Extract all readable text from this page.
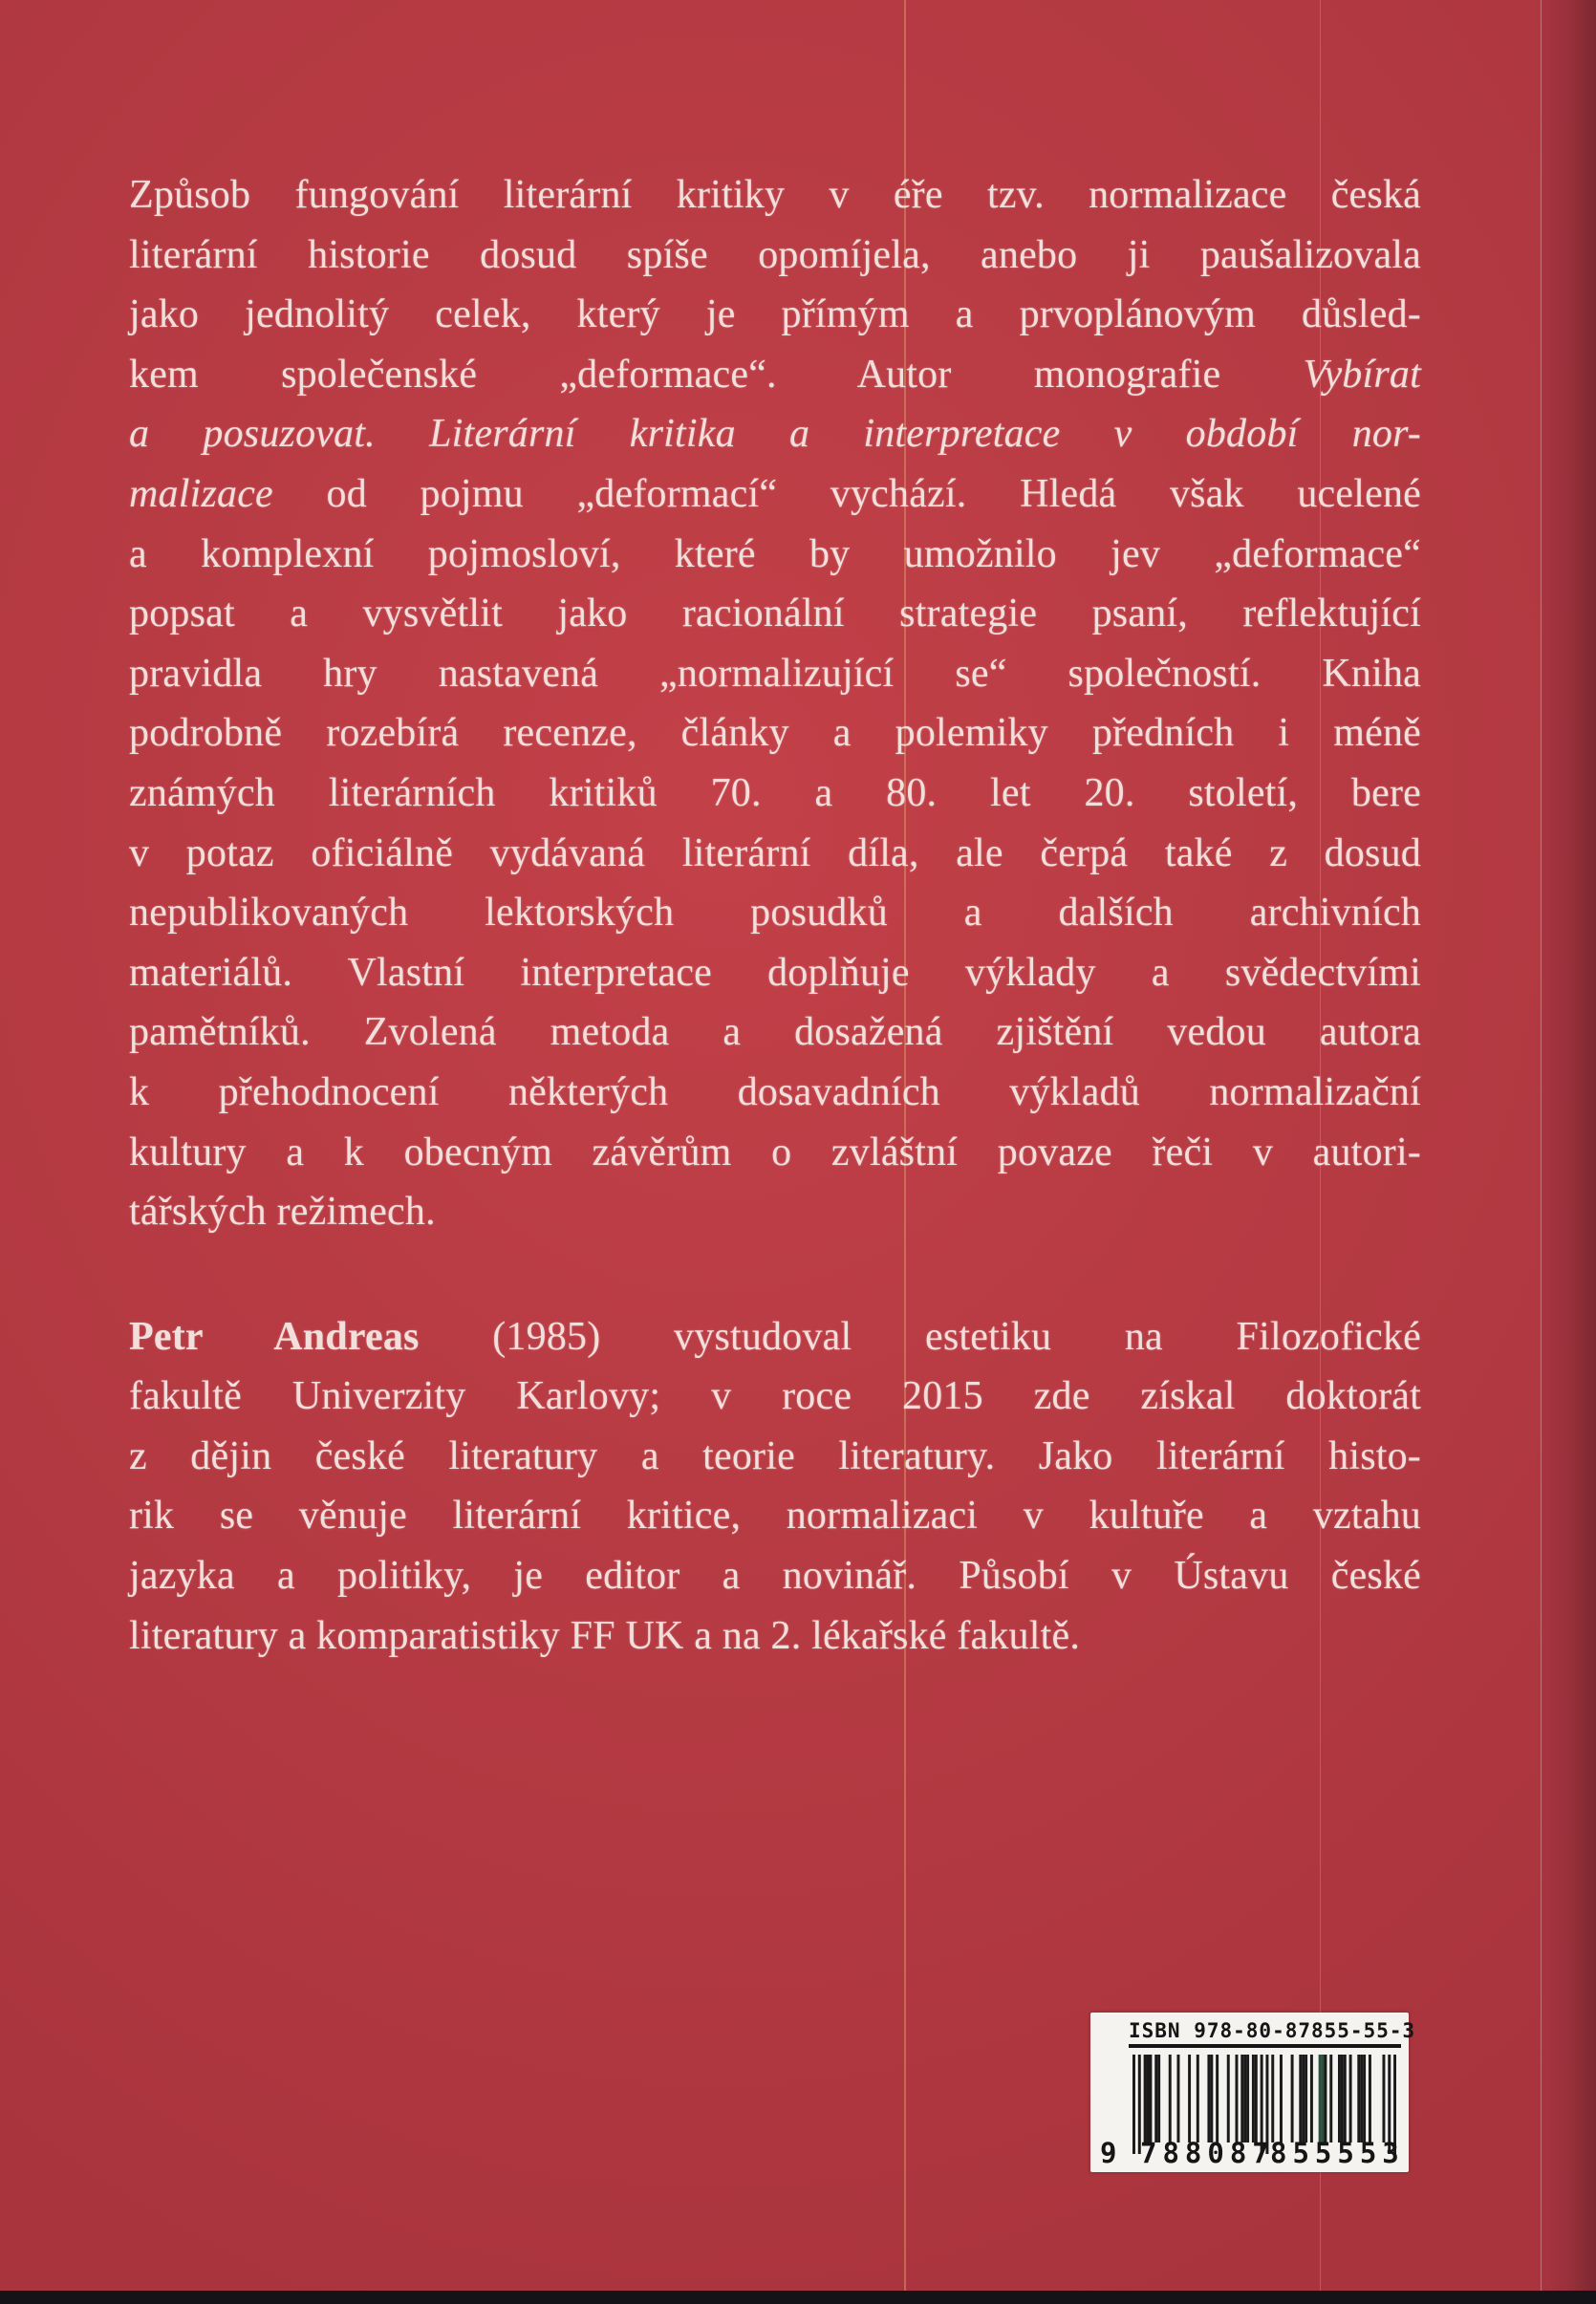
Způsob fungování literární kritiky v éře tzv. normalizace česká
literární historie dosud spíše opomíjela, anebo ji paušalizovala
jako jednolitý celek, který je přímým a prvoplánovým důsled-
kem společenské „deformace“. Autor monografie Vybírat
a posuzovat. Literární kritika a interpretace v období nor-
malizace od pojmu „deformací“ vychází. Hledá však ucelené
a komplexní pojmosloví, které by umožnilo jev „deformace“
popsat a vysvětlit jako racionální strategie psaní, reflektující
pravidla hry nastavená „normalizující se“ společností. Kniha
podrobně rozebírá recenze, články a polemiky předních i méně
známých literárních kritiků 70. a 80. let 20. století, bere
v potaz oficiálně vydávaná literární díla, ale čerpá také z dosud
nepublikovaných lektorských posudků a dalších archivních
materiálů. Vlastní interpretace doplňuje výklady a svědectvími
pamětníků. Zvolená metoda a dosažená zjištění vedou autora
k přehodnocení některých dosavadních výkladů normalizační
kultury a k obecným závěrům o zvláštní povaze řeči v autori-
tářských režimech.
Petr Andreas (1985) vystudoval estetiku na Filozofické
fakultě Univerzity Karlovy; v roce 2015 zde získal doktorát
z dějin české literatury a teorie literatury. Jako literární histo-
rik se věnuje literární kritice, normalizaci v kultuře a vztahu
jazyka a politiky, je editor a novinář. Působí v Ústavu české
literatury a komparatistiky FF UK a na 2. lékařské fakultě.
ISBN 978-80-87855-55-3
9 788087
855553
